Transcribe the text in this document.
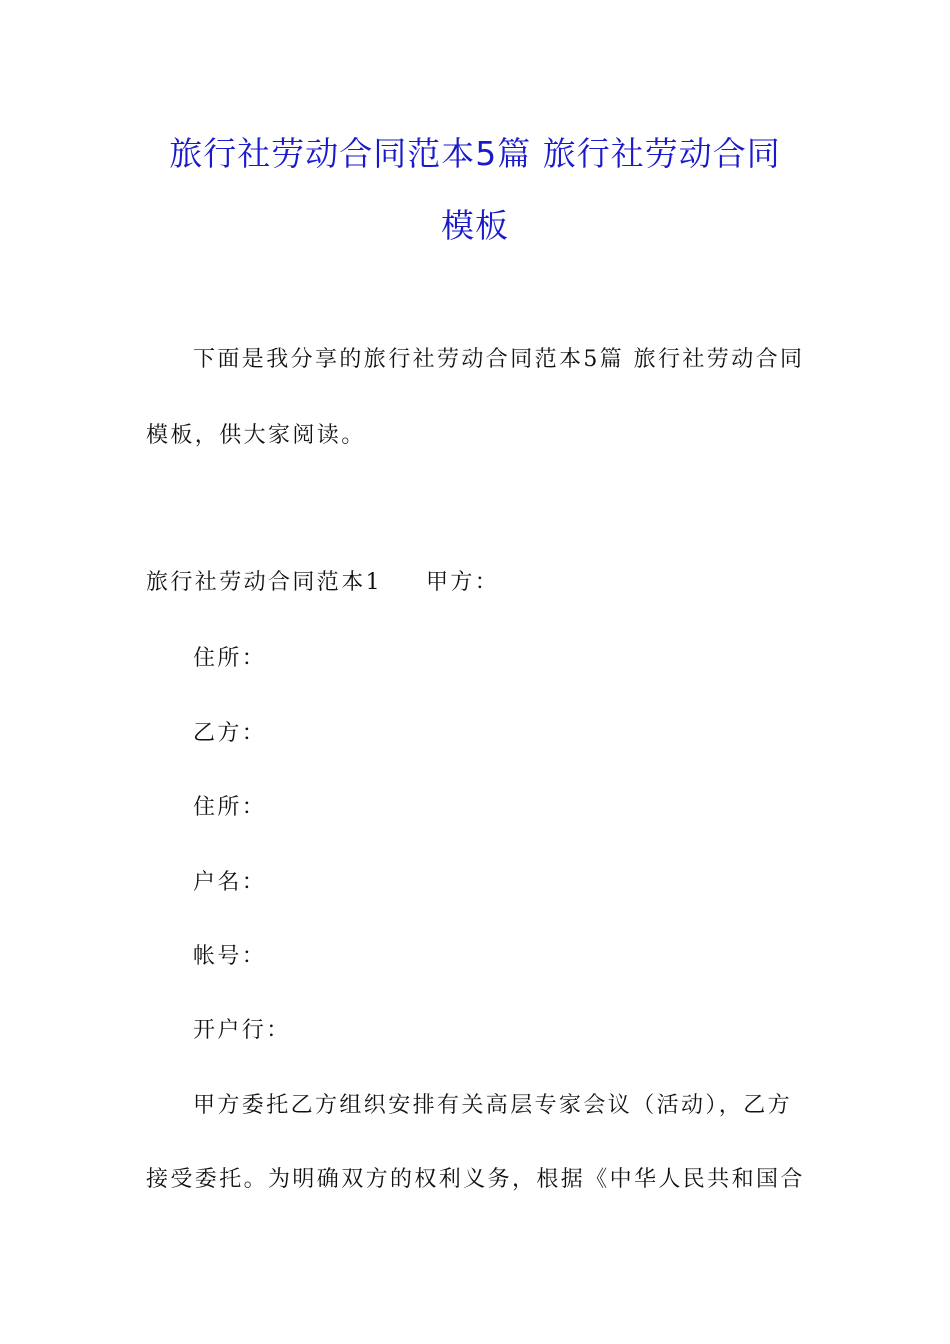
旅行社劳动合同范本5篇 旅行社劳动合同
模板
下面是我分享的旅行社劳动合同范本5篇 旅行社劳动合同
模板，供大家阅读。
旅行社劳动合同范本1 甲方：
住所：
乙方：
住所：
户名：
帐号：
开户行：
甲方委托乙方组织安排有关高层专家会议（活动），乙方
接受委托。为明确双方的权利义务，根据《中华人民共和国合
